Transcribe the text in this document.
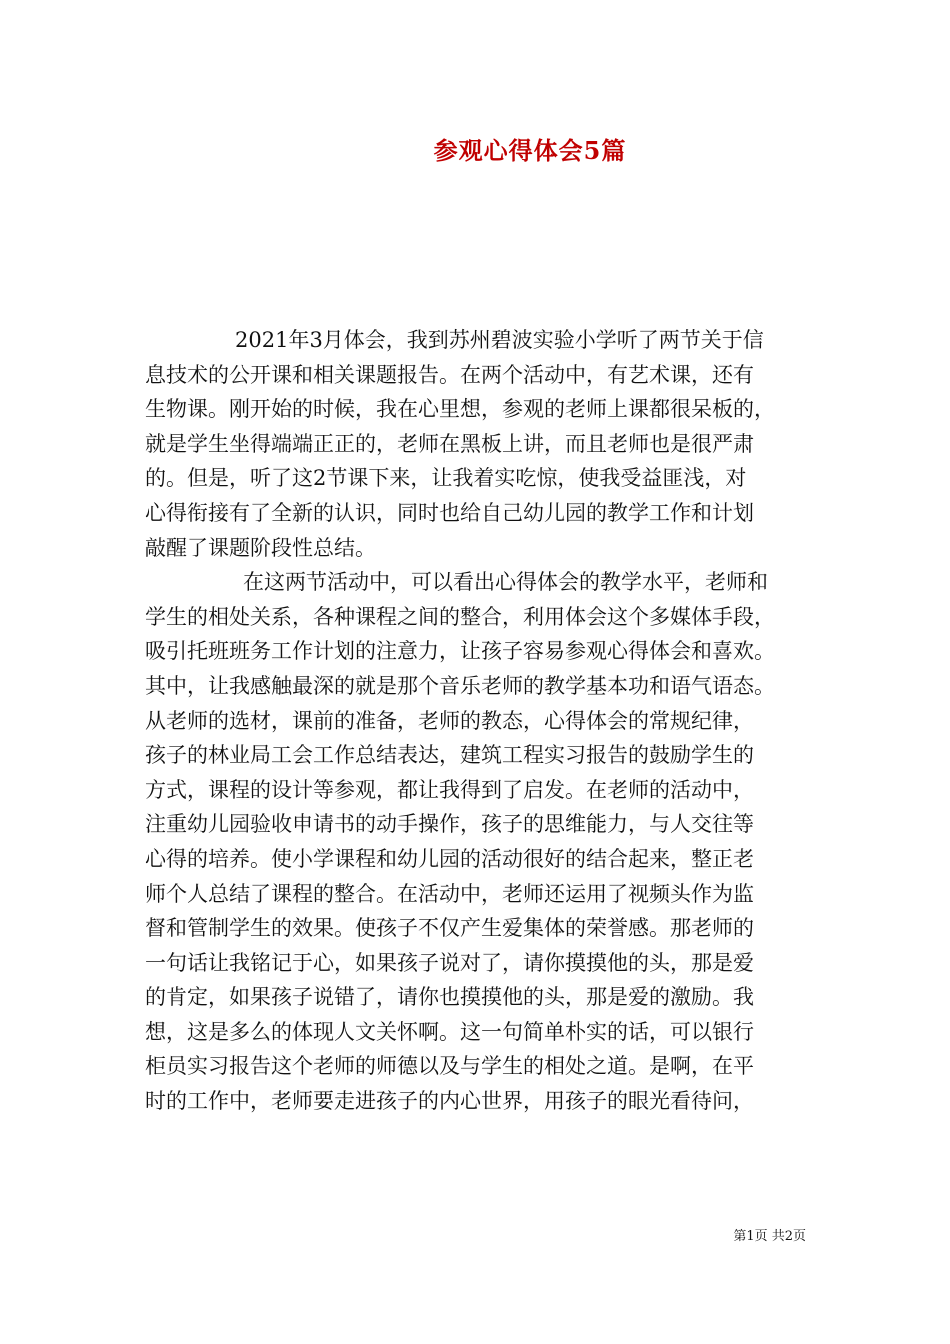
参观心得体会5篇
2021年3月体会，我到苏州碧波实验小学听了两节关于信
息技术的公开课和相关课题报告。在两个活动中，有艺术课，还有
生物课。刚开始的时候，我在心里想，参观的老师上课都很呆板的，
就是学生坐得端端正正的，老师在黑板上讲，而且老师也是很严肃
的。但是，听了这2节课下来，让我着实吃惊，使我受益匪浅，对
心得衔接有了全新的认识，同时也给自己幼儿园的教学工作和计划
敲醒了课题阶段性总结。
在这两节活动中，可以看出心得体会的教学水平，老师和
学生的相处关系，各种课程之间的整合，利用体会这个多媒体手段，
吸引托班班务工作计划的注意力，让孩子容易参观心得体会和喜欢。
其中，让我感触最深的就是那个音乐老师的教学基本功和语气语态。
从老师的选材，课前的准备，老师的教态，心得体会的常规纪律，
孩子的林业局工会工作总结表达，建筑工程实习报告的鼓励学生的
方式，课程的设计等参观，都让我得到了启发。在老师的活动中，
注重幼儿园验收申请书的动手操作，孩子的思维能力，与人交往等
心得的培养。使小学课程和幼儿园的活动很好的结合起来，整正老
师个人总结了课程的整合。在活动中，老师还运用了视频头作为监
督和管制学生的效果。使孩子不仅产生爱集体的荣誉感。那老师的
一句话让我铭记于心，如果孩子说对了，请你摸摸他的头，那是爱
的肯定，如果孩子说错了，请你也摸摸他的头，那是爱的激励。我
想，这是多么的体现人文关怀啊。这一句简单朴实的话，可以银行
柜员实习报告这个老师的师德以及与学生的相处之道。是啊，在平
时的工作中，老师要走进孩子的内心世界，用孩子的眼光看待问，
第1页 共2页
